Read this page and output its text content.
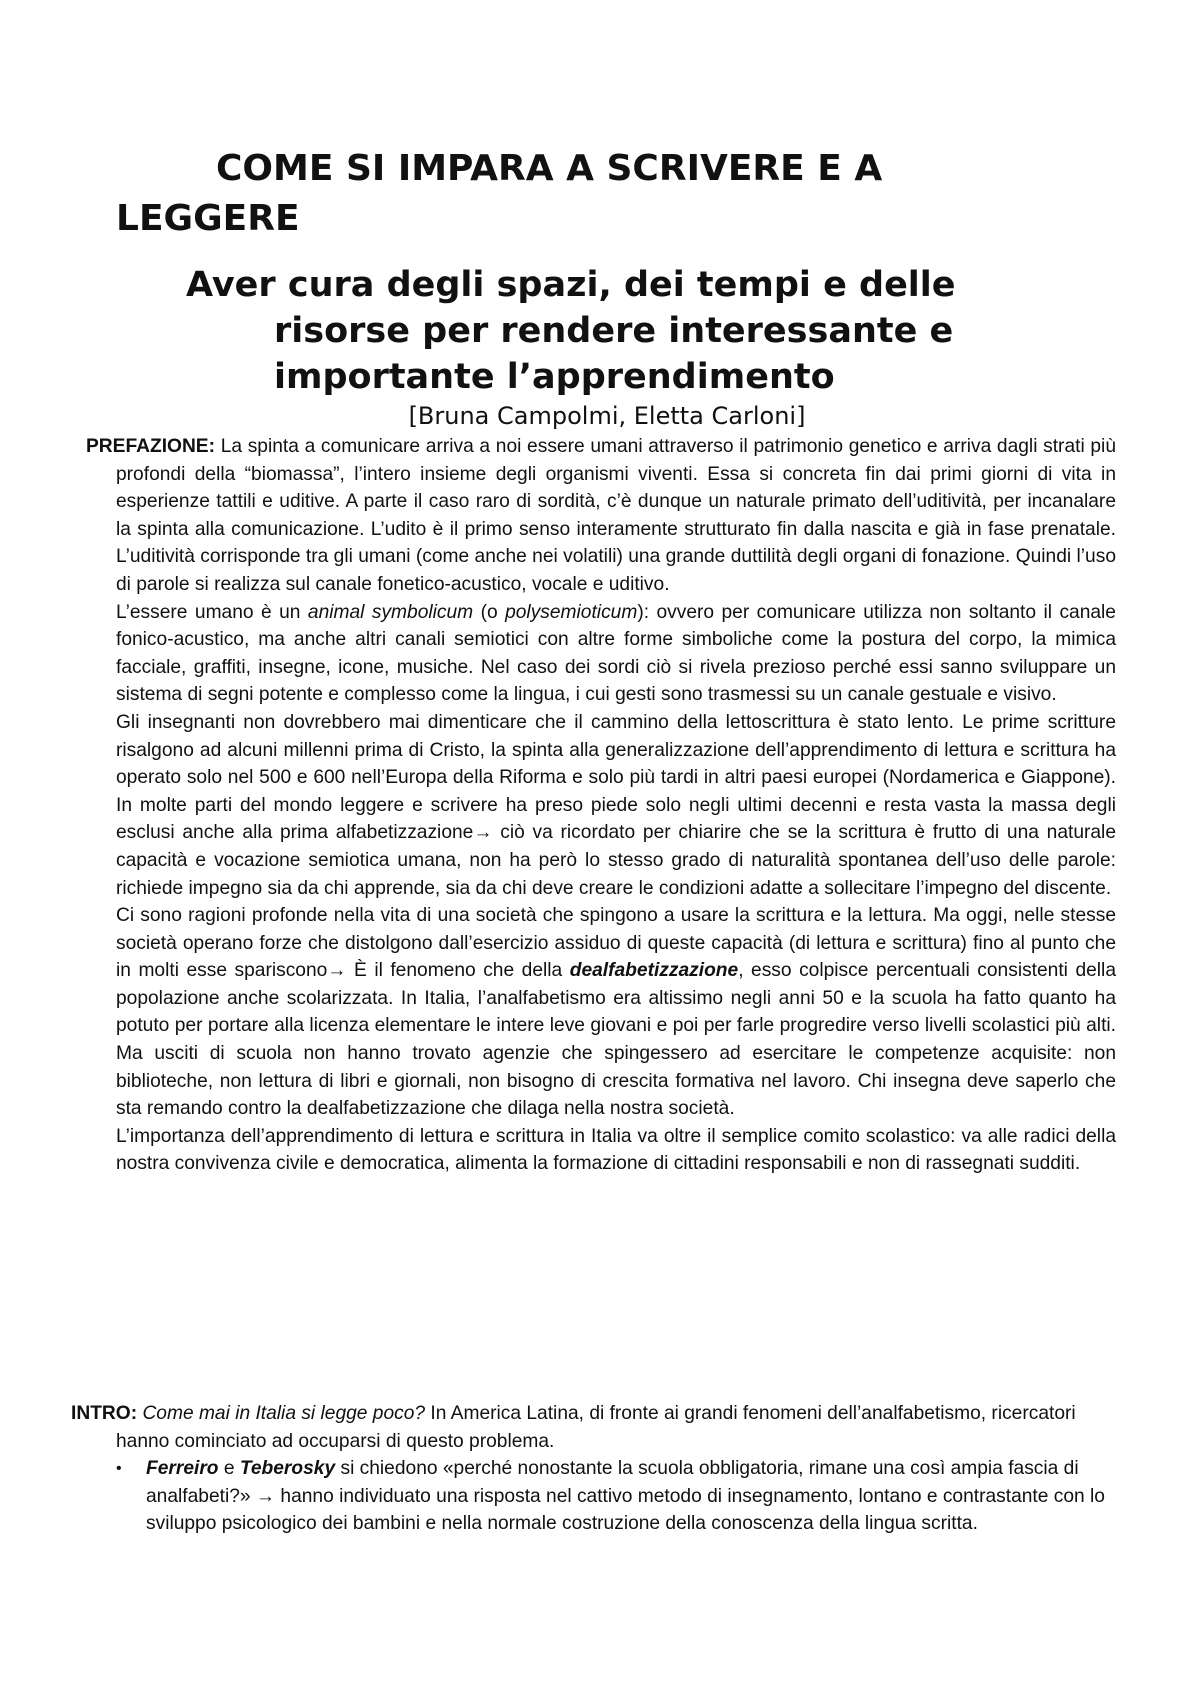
COME SI IMPARA A SCRIVERE E A
LEGGERE
Aver cura degli spazi, dei tempi e delle
risorse per rendere interessante e
importante l’apprendimento
[Bruna Campolmi, Eletta Carloni]

PREFAZIONE: La spinta a comunicare arriva a noi essere umani attraverso il patrimonio genetico e arriva dagli strati più profondi della “biomassa”, l’intero insieme degli organismi viventi. Essa si concreta fin dai primi giorni di vita in esperienze tattili e uditive. A parte il caso raro di sordità, c’è dunque un naturale primato dell’uditività, per incanalare la spinta alla comunicazione. L’udito è il primo senso interamente strutturato fin dalla nascita e già in fase prenatale. L’uditività corrisponde tra gli umani (come anche nei volatili) una grande duttilità degli organi di fonazione. Quindi l’uso di parole si realizza sul canale fonetico-acustico, vocale e uditivo.

L’essere umano è un animal symbolicum (o polysemioticum): ovvero per comunicare utilizza non soltanto il canale fonico-acustico, ma anche altri canali semiotici con altre forme simboliche come la postura del corpo, la mimica facciale, graffiti, insegne, icone, musiche. Nel caso dei sordi ciò si rivela prezioso perché essi sanno sviluppare un sistema di segni potente e complesso come la lingua, i cui gesti sono trasmessi su un canale gestuale e visivo.

Gli insegnanti non dovrebbero mai dimenticare che il cammino della lettoscrittura è stato lento. Le prime scritture risalgono ad alcuni millenni prima di Cristo, la spinta alla generalizzazione dell’apprendimento di lettura e scrittura ha operato solo nel 500 e 600 nell’Europa della Riforma e solo più tardi in altri paesi europei (Nordamerica e Giappone). In molte parti del mondo leggere e scrivere ha preso piede solo negli ultimi decenni e resta vasta la massa degli esclusi anche alla prima alfabetizzazione→ ciò va ricordato per chiarire che se la scrittura è frutto di una naturale capacità e vocazione semiotica umana, non ha però lo stesso grado di naturalità spontanea dell’uso delle parole: richiede impegno sia da chi apprende, sia da chi deve creare le condizioni adatte a sollecitare l’impegno del discente.

Ci sono ragioni profonde nella vita di una società che spingono a usare la scrittura e la lettura. Ma oggi, nelle stesse società operano forze che distolgono dall’esercizio assiduo di queste capacità (di lettura e scrittura) fino al punto che in molti esse spariscono→ È il fenomeno che della dealfabetizzazione, esso colpisce percentuali consistenti della popolazione anche scolarizzata. In Italia, l’analfabetismo era altissimo negli anni 50 e la scuola ha fatto quanto ha potuto per portare alla licenza elementare le intere leve giovani e poi per farle progredire verso livelli scolastici più alti. Ma usciti di scuola non hanno trovato agenzie che spingessero ad esercitare le competenze acquisite: non biblioteche, non lettura di libri e giornali, non bisogno di crescita formativa nel lavoro. Chi insegna deve saperlo che sta remando contro la dealfabetizzazione che dilaga nella nostra società.

L’importanza dell’apprendimento di lettura e scrittura in Italia va oltre il semplice comito scolastico: va alle radici della nostra convivenza civile e democratica, alimenta la formazione di cittadini responsabili e non di rassegnati sudditi.

INTRO: Come mai in Italia si legge poco? In America Latina, di fronte ai grandi fenomeni dell’analfabetismo, ricercatori hanno cominciato ad occuparsi di questo problema.

• Ferreiro e Teberosky si chiedono «perché nonostante la scuola obbligatoria, rimane una così ampia fascia di analfabeti?» → hanno individuato una risposta nel cattivo metodo di insegnamento, lontano e contrastante con lo sviluppo psicologico dei bambini e nella normale costruzione della conoscenza della lingua scritta.
